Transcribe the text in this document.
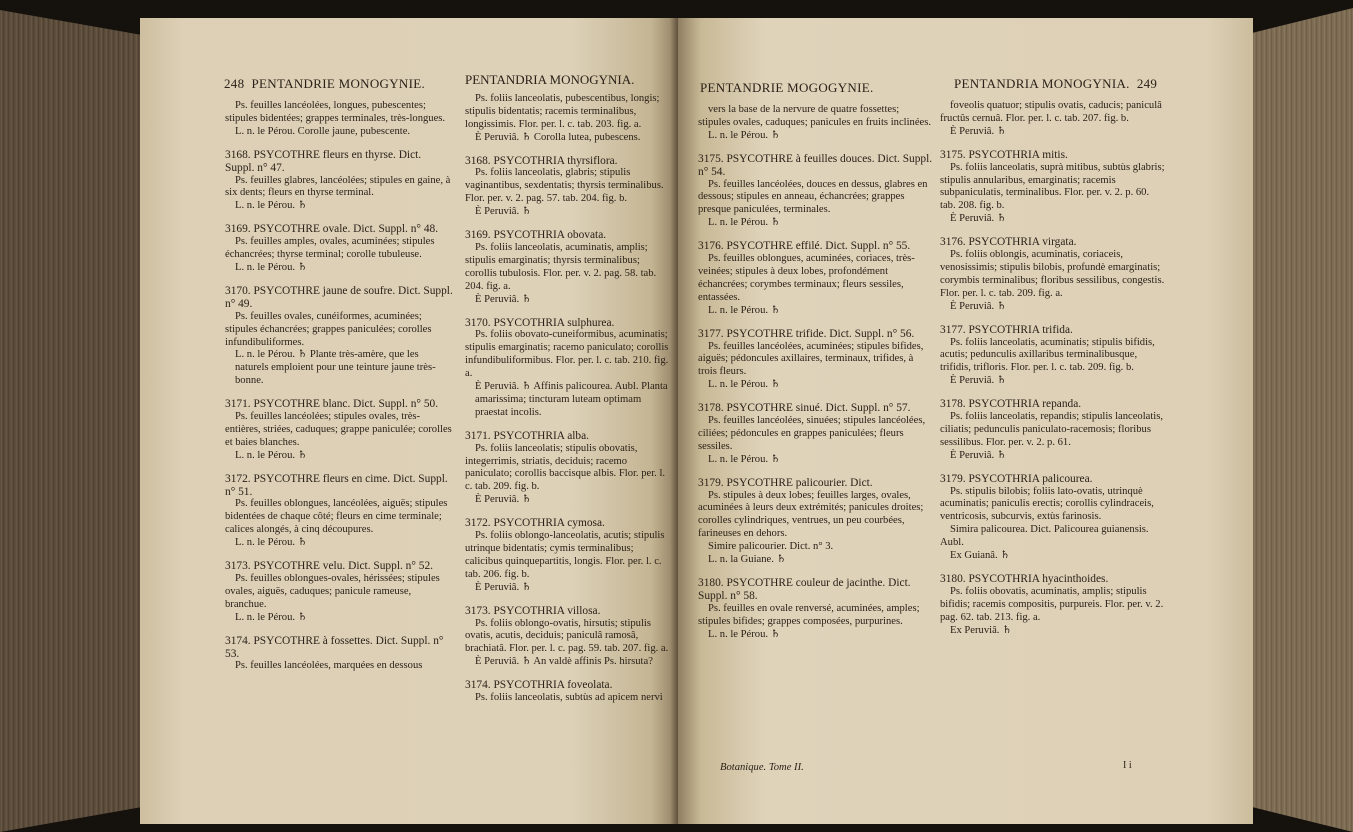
248 PENTANDRIE MONOGYNIE.

Ps. feuilles lancéolées, longues, pubescentes; stipules bidentées; grappes terminales, très-longues.

L. n. le Pérou. Corolle jaune, pubescente.

3168. PSYCOTHRE fleurs en thyrse. Dict. Suppl. n° 47.

Ps. feuilles glabres, lancéolées; stipules en gaine, à six dents; fleurs en thyrse terminal.

L. n. le Pérou. ♄

3169. PSYCOTHRE ovale. Dict. Suppl. n° 48.

Ps. feuilles amples, ovales, acuminées; stipules échancrées; thyrse terminal; corolle tubuleuse.

L. n. le Pérou. ♄

3170. PSYCOTHRE jaune de soufre. Dict. Suppl. n° 49.

Ps. feuilles ovales, cunéiformes, acuminées; stipules échancrées; grappes paniculées; corolles infundibuliformes.

L. n. le Pérou. ♄ Plante très-amère, que les naturels emploient pour une teinture jaune très-bonne.

3171. PSYCOTHRE blanc. Dict. Suppl. n° 50.

Ps. feuilles lancéolées; stipules ovales, très-entières, striées, caduques; grappe paniculée; corolles et baies blanches.

L. n. le Pérou. ♄

3172. PSYCOTHRE fleurs en cime. Dict. Suppl. n° 51.

Ps. feuilles oblongues, lancéolées, aiguës; stipules bidentées de chaque côté; fleurs en cime terminale; calices alongés, à cinq découpures.

L. n. le Pérou. ♄

3173. PSYCOTHRE velu. Dict. Suppl. n° 52.

Ps. feuilles oblongues-ovales, hérissées; stipules ovales, aiguës, caduques; panicule rameuse, branchue.

L. n. le Pérou. ♄

3174. PSYCOTHRE à fossettes. Dict. Suppl. n° 53.

Ps. feuilles lancéolées, marquées en dessous

PENTANDRIA MONOGYNIA.

Ps. foliis lanceolatis, pubescentibus, longis; stipulis bidentatis; racemis terminalibus, longissimis. Flor. per. l. c. tab. 203. fig. a.

È Peruviâ. ♄ Corolla lutea, pubescens.

3168. PSYCOTHRIA thyrsiflora.

Ps. foliis lanceolatis, glabris; stipulis vaginantibus, sexdentatis; thyrsis terminalibus. Flor. per. v. 2. pag. 57. tab. 204. fig. b.

È Peruviâ. ♄

3169. PSYCOTHRIA obovata.

Ps. foliis lanceolatis, acuminatis, amplis; stipulis emarginatis; thyrsis terminalibus; corollis tubulosis. Flor. per. v. 2. pag. 58. tab. 204. fig. a.

È Peruviâ. ♄

3170. PSYCOTHRIA sulphurea.

Ps. foliis obovato-cuneiformibus, acuminatis; stipulis emarginatis; racemo paniculato; corollis infundibuliformibus. Flor. per. l. c. tab. 210. fig. a.

È Peruviâ. ♄ Affinis palicourea. Aubl. Planta amarissima; tincturam luteam optimam praestat incolis.

3171. PSYCOTHRIA alba.

Ps. foliis lanceolatis; stipulis obovatis, integerrimis, striatis, deciduis; racemo paniculato; corollis baccisque albis. Flor. per. l. c. tab. 209. fig. b.

È Peruviâ. ♄

3172. PSYCOTHRIA cymosa.

Ps. foliis oblongo-lanceolatis, acutis; stipulis utrinque bidentatis; cymis terminalibus; calicibus quinquepartitis, longis. Flor. per. l. c. tab. 206. fig. b.

È Peruviâ. ♄

3173. PSYCOTHRIA villosa.

Ps. foliis oblongo-ovatis, hirsutis; stipulis ovatis, acutis, deciduis; paniculâ ramosâ, brachiatâ. Flor. per. l. c. pag. 59. tab. 207. fig. a.

È Peruviâ. ♄ An valdè affinis Ps. hirsuta?

3174. PSYCOTHRIA foveolata.

Ps. foliis lanceolatis, subtùs ad apicem nervi

PENTANDRIE MOGOGYNIE.	PENTANDRIA MONOGYNIA. 249

vers la base de la nervure de quatre fossettes; stipules ovales, caduques; panicules en fruits inclinées.

L. n. le Pérou. ♄

3175. PSYCOTHRE à feuilles douces. Dict. Suppl. n° 54.

Ps. feuilles lancéolées, douces en dessus, glabres en dessous; stipules en anneau, échancrées; grappes presque paniculées, terminales.

L. n. le Pérou. ♄

3176. PSYCOTHRE effilé. Dict. Suppl. n° 55.

Ps. feuilles oblongues, acuminées, coriaces, très-veinées; stipules à deux lobes, profondément échancrées; corymbes terminaux; fleurs sessiles, entassées.

L. n. le Pérou. ♄

3177. PSYCOTHRE trifide. Dict. Suppl. n° 56.

Ps. feuilles lancéolées, acuminées; stipules bifides, aiguës; pédoncules axillaires, terminaux, trifides, à trois fleurs.

L. n. le Pérou. ♄

3178. PSYCOTHRE sinué. Dict. Suppl. n° 57.

Ps. feuilles lancéolées, sinuées; stipules lancéolées, ciliées; pédoncules en grappes paniculées; fleurs sessiles.

L. n. le Pérou. ♄

3179. PSYCOTHRE palicourier. Dict.

Ps. stipules à deux lobes; feuilles larges, ovales, acuminées à leurs deux extrémités; panicules droites; corolles cylindriques, ventrues, un peu courbées, farineuses en dehors.

Simire palicourier. Dict. n° 3.

L. n. la Guiane. ♄

3180. PSYCOTHRE couleur de jacinthe. Dict. Suppl. n° 58.

Ps. feuilles en ovale renversé, acuminées, amples; stipules bifides; grappes composées, purpurines.

L. n. le Pérou. ♄

foveolis quatuor; stipulis ovatis, caducis; paniculâ fructûs cernuâ. Flor. per. l. c. tab. 207. fig. b.

È Peruviâ. ♄

3175. PSYCOTHRIA mitis.

Ps. foliis lanceolatis, suprà mitibus, subtùs glabris; stipulis annularibus, emarginatis; racemis subpaniculatis, terminalibus. Flor. per. v. 2. p. 60. tab. 208. fig. b.

È Peruviâ. ♄

3176. PSYCOTHRIA virgata.

Ps. foliis oblongis, acuminatis, coriaceis, venosissimis; stipulis bilobis, profundè emarginatis; corymbis terminalibus; floribus sessilibus, congestis. Flor. per. l. c. tab. 209. fig. a.

È Peruviâ. ♄

3177. PSYCOTHRIA trifida.

Ps. foliis lanceolatis, acuminatis; stipulis bifidis, acutis; pedunculis axillaribus terminalibusque, trifidis, trifloris. Flor. per. l. c. tab. 209. fig. b.

È Peruviâ. ♄

3178. PSYCOTHRIA repanda.

Ps. foliis lanceolatis, repandis; stipulis lanceolatis, ciliatis; pedunculis paniculato-racemosis; floribus sessilibus. Flor. per. v. 2. p. 61.

È Peruviâ. ♄

3179. PSYCOTHRIA palicourea.

Ps. stipulis bilobis; foliis lato-ovatis, utrinquè acuminatis; paniculis erectis; corollis cylindraceis, ventricosis, subcurvis, extùs farinosis.

Simira palicourea. Dict. Palicourea guianensis. Aubl.

Ex Guianâ. ♄

3180. PSYCOTHRIA hyacinthoides.

Ps. foliis obovatis, acuminatis, amplis; stipulis bifidis; racemis compositis, purpureis. Flor. per. v. 2. pag. 62. tab. 213. fig. a.

Ex Peruviâ. ♄

Botanique. Tome II.	I i
